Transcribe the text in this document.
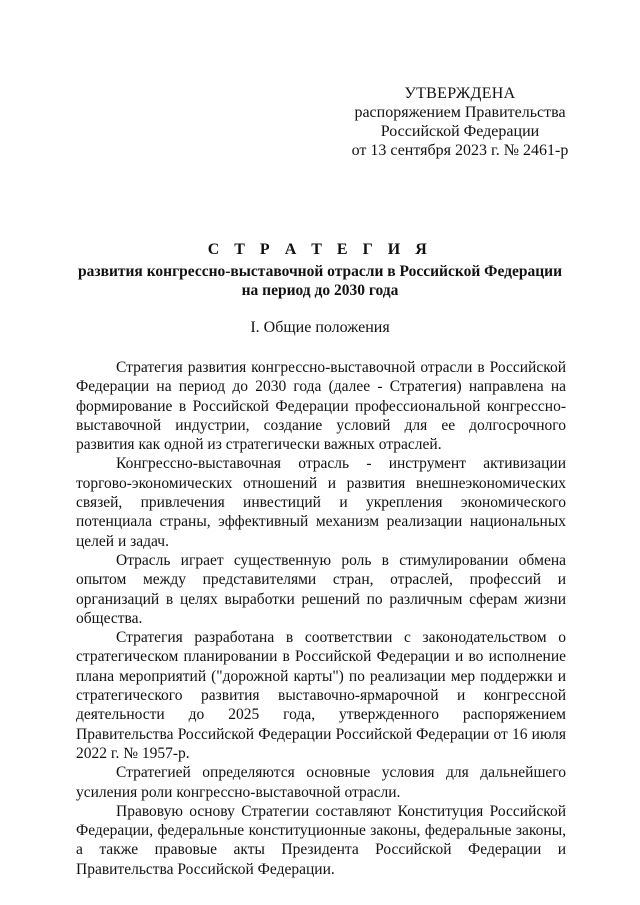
УТВЕРЖДЕНА
распоряжением Правительства
Российской Федерации
от 13 сентября 2023 г. № 2461-р
С Т Р А Т Е Г И Я
развития конгрессно-выставочной отрасли в Российской Федерации
на период до 2030 года
I. Общие положения

Стратегия развития конгрессно-выставочной отрасли в Российской Федерации на период до 2030 года (далее - Стратегия) направлена на формирование в Российской Федерации профессиональной конгрессно-выставочной индустрии, создание условий для ее долгосрочного развития как одной из стратегически важных отраслей.

Конгрессно-выставочная отрасль - инструмент активизации торгово-экономических отношений и развития внешнеэкономических связей, привлечения инвестиций и укрепления экономического потенциала страны, эффективный механизм реализации национальных целей и задач.

Отрасль играет существенную роль в стимулировании обмена опытом между представителями стран, отраслей, профессий и организаций в целях выработки решений по различным сферам жизни общества.

Стратегия разработана в соответствии с законодательством о стратегическом планировании в Российской Федерации и во исполнение плана мероприятий ("дорожной карты") по реализации мер поддержки и стратегического развития выставочно-ярмарочной и конгрессной деятельности до 2025 года, утвержденного распоряжением Правительства Российской Федерации Российской Федерации от 16 июля 2022 г. № 1957-р.

Стратегией определяются основные условия для дальнейшего усиления роли конгрессно-выставочной отрасли.

Правовую основу Стратегии составляют Конституция Российской Федерации, федеральные конституционные законы, федеральные законы, а также правовые акты Президента Российской Федерации и Правительства Российской Федерации.
